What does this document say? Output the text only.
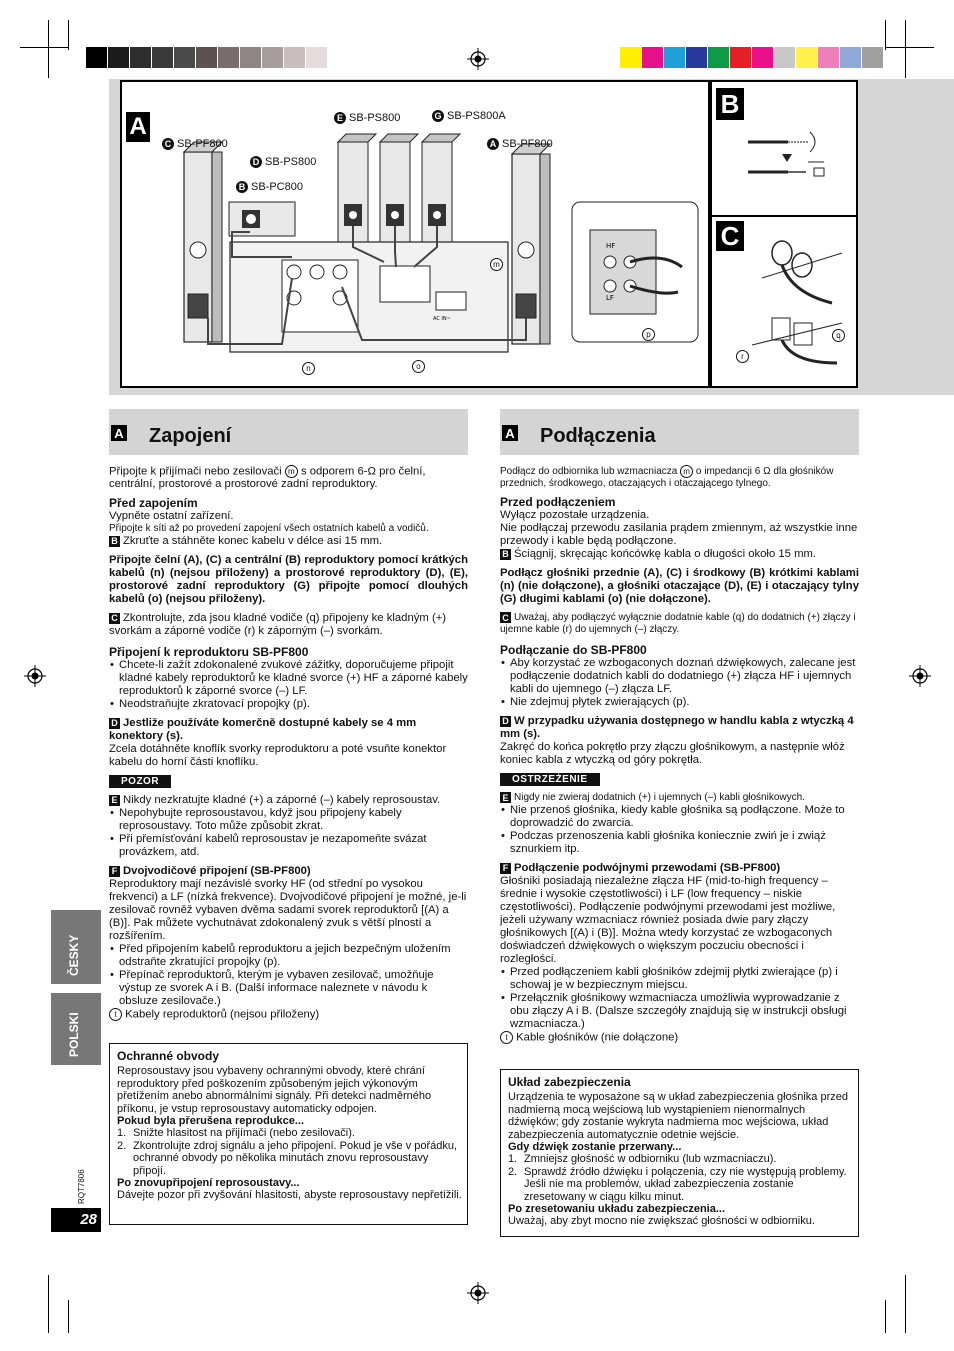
A
AC IN~
HF
LF
C SB-PF800
E SB-PS800	G SB-PS800A
A SB-PF800
D SB-PS800
B SB-PC800
m
n	o
p
B
C
q
r
A Zapojení	A Podłączenia

Připojte k přijímači nebo zesilovači m s odporem 6-Ω pro čelní, centrální, prostorové a prostorové zadní reproduktory.

Před zapojením

Vypněte ostatní zařízení.

Připojte k síti až po provedení zapojení všech ostatních kabelů a vodičů.

B Zkruťte a stáhněte konec kabelu v délce asi 15 mm.

Připojte čelní (A), (C) a centrální (B) reproduktory pomocí krátkých kabelů (n) (nejsou přiloženy) a prostorové reproduktory (D), (E), prostorové zadní reproduktory (G) připojte pomocí dlouhých kabelů (o) (nejsou přiloženy).

C Zkontrolujte, zda jsou kladné vodiče (q) připojeny ke kladným (+) svorkám a záporné vodiče (r) k záporným (–) svorkám.

Připojení k reproduktoru SB-PF800
• Chcete-li zažít zdokonalené zvukové zážitky, doporučujeme připojit kladné kabely reproduktorů ke kladné svorce (+) HF a záporné kabely reproduktorů k záporné svorce (–) LF.
• Neodstraňujte zkratovací propojky (p).

D Jestliže používáte komerčně dostupné kabely se 4 mm konektory (s).

Zcela dotáhněte knoflík svorky reproduktoru a poté vsuňte konektor kabelu do horní části knoflíku.

POZOR

E Nikdy nezkratujte kladné (+) a záporné (–) kabely reprosoustav.

• Nepohybujte reprosoustavou, když jsou připojeny kabely reprosoustavy. Toto může způsobit zkrat.
• Při přemísťování kabelů reprosoustav je nezapomeňte svázat provázkem, atd.

F Dvojvodičové připojení (SB-PF800)

Reproduktory mají nezávislé svorky HF (od střední po vysokou frekvenci) a LF (nízká frekvence). Dvojvodičové připojení je možné, je-li zesilovač rovněž vybaven dvěma sadami svorek reproduktorů [(A) a (B)]. Pak můžete vychutnávat zdokonalený zvuk s větší plností a rozšířením.

• Před připojením kabelů reproduktoru a jejich bezpečným uložením odstraňte zkratující propojky (p).
• Přepínač reproduktorů, kterým je vybaven zesilovač, umožňuje výstup ze svorek A i B. (Další informace naleznete v návodu k obsluze zesilovače.)

t Kabely reproduktorů (nejsou přiloženy)

Ochranné obvody
Reprosoustavy jsou vybaveny ochrannými obvody, které chrání reproduktory před poškozením způsobeným jejich výkonovým přetížením anebo abnormálními signály. Při detekci nadměrného příkonu, je vstup reprosoustavy automaticky odpojen.
Pokud byla přerušena reprodukce...
1. Snižte hlasitost na přijímači (nebo zesilovači).
2. Zkontrolujte zdroj signálu a jeho připojení. Pokud je vše v pořádku, ochranné obvody po několika minutách znovu reprosoustavy připojí.
Po znovupřipojení reprosoustavy...
Dávejte pozor při zvyšování hlasitosti, abyste reprosoustavy nepřetížili.

Podłącz do odbiornika lub wzmacniacza m o impedancji 6 Ω dla głośników przednich, środkowego, otaczających i otaczającego tylnego.

Przed podłączeniem

Wyłącz pozostałe urządzenia.

Nie podłączaj przewodu zasilania prądem zmiennym, aż wszystkie inne przewody i kable będą podłączone.

B Ściągnij, skręcając końcówkę kabla o długości około 15 mm.

Podłącz głośniki przednie (A), (C) i środkowy (B) krótkimi kablami (n) (nie dołączone), a głośniki otaczające (D), (E) i otaczający tylny (G) długimi kablami (o) (nie dołączone).

C Uważaj, aby podłączyć wyłącznie dodatnie kable (q) do dodatnich (+) złączy i ujemne kable (r) do ujemnych (–) złączy.

Podłączanie do SB-PF800
• Aby korzystać ze wzbogaconych doznań dźwiękowych, zalecane jest podłączenie dodatnich kabli do dodatniego (+) złącza HF i ujemnych kabli do ujemnego (–) złącza LF.
• Nie zdejmuj płytek zwierających (p).

D W przypadku używania dostępnego w handlu kabla z wtyczką 4 mm (s).

Zakręć do końca pokrętło przy złączu głośnikowym, a następnie włóż koniec kabla z wtyczką od góry pokrętła.

OSTRZEŻENIE

E Nigdy nie zwieraj dodatnich (+) i ujemnych (–) kabli głośnikowych.

• Nie przenoś głośnika, kiedy kable głośnika są podłączone. Może to doprowadzić do zwarcia.
• Podczas przenoszenia kabli głośnika koniecznie zwiń je i zwiąż sznurkiem itp.

F Podłączenie podwójnymi przewodami (SB-PF800)

Głośniki posiadają niezależne złącza HF (mid-to-high frequency – średnie i wysokie częstotliwości) i LF (low frequency – niskie częstotliwości). Podłączenie podwójnymi przewodami jest możliwe, jeżeli używany wzmacniacz również posiada dwie pary złączy głośnikowych [(A) i (B)]. Można wtedy korzystać ze wzbogaconych doświadczeń dźwiękowych o większym poczuciu obecności i rozległości.

• Przed podłączeniem kabli głośników zdejmij płytki zwierające (p) i schowaj je w bezpiecznym miejscu.
• Przełącznik głośnikowy wzmacniacza umożliwia wyprowadzanie z obu złączy A i B. (Dalsze szczegóły znajdują się w instrukcji obsługi wzmacniacza.)

t Kable głośników (nie dołączone)

Układ zabezpieczenia
Urządzenia te wyposażone są w układ zabezpieczenia głośnika przed nadmierną mocą wejściową lub wystąpieniem nienormalnych dźwięków; gdy zostanie wykryta nadmierna moc wejściowa, układ zabezpieczenia automatycznie odetnie wejście.
Gdy dźwięk zostanie przerwany...
1. Zmniejsz głośność w odbiorniku (lub wzmacniaczu).
2. Sprawdź źródło dźwięku i połączenia, czy nie występują problemy. Jeśli nie ma problemów, układ zabezpieczenia zostanie zresetowany w ciągu kilku minut.
Po zresetowaniu układu zabezpieczenia...
Uważaj, aby zbyt mocno nie zwiększać głośności w odbiorniku.
ČESKY
POLSKI
RQT7806
28
